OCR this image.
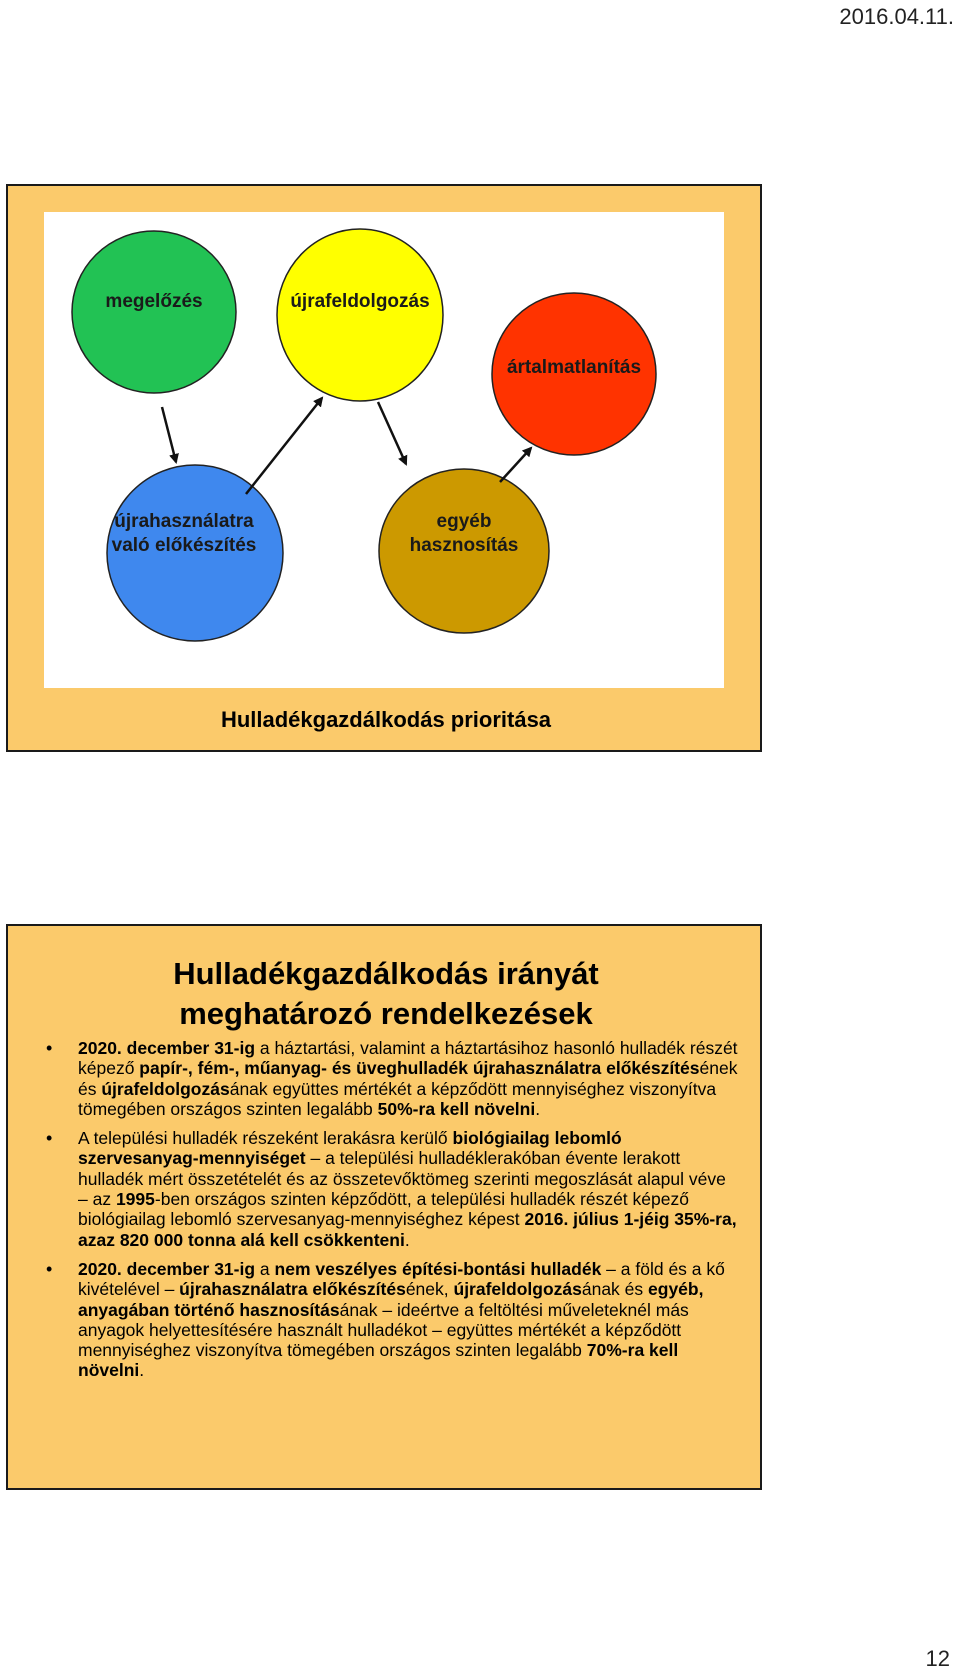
2016.04.11.
megelőzés	újrafeldolgozás
ártalmatlanítás
újrahasználatra
való előkészítés
egyéb
hasznosítás
Hulladékgazdálkodás prioritása
Hulladékgazdálkodás irányát
meghatározó rendelkezések
• 2020. december 31-ig a háztartási, valamint a háztartásihoz hasonló hulladék részét képező papír-, fém-, műanyag- és üveghulladék újrahasználatra előkészítésének és újrafeldolgozásának együttes mértékét a képződött mennyiséghez viszonyítva tömegében országos szinten legalább 50%-ra kell növelni.
• A települési hulladék részeként lerakásra kerülő biológiailag lebomló szervesanyag-mennyiséget – a települési hulladéklerakóban évente lerakott hulladék mért összetételét és az összetevőktömeg szerinti megoszlását alapul véve – az 1995-ben országos szinten képződött, a települési hulladék részét képező biológiailag lebomló szervesanyag-mennyiséghez képest 2016. július 1-jéig 35%-ra, azaz 820 000 tonna alá kell csökkenteni.
• 2020. december 31-ig a nem veszélyes építési-bontási hulladék – a föld és a kő kivételével – újrahasználatra előkészítésének, újrafeldolgozásának és egyéb, anyagában történő hasznosításának – ideértve a feltöltési műveleteknél más anyagok helyettesítésére használt hulladékot – együttes mértékét a képződött mennyiséghez viszonyítva tömegében országos szinten legalább 70%-ra kell növelni.
12
